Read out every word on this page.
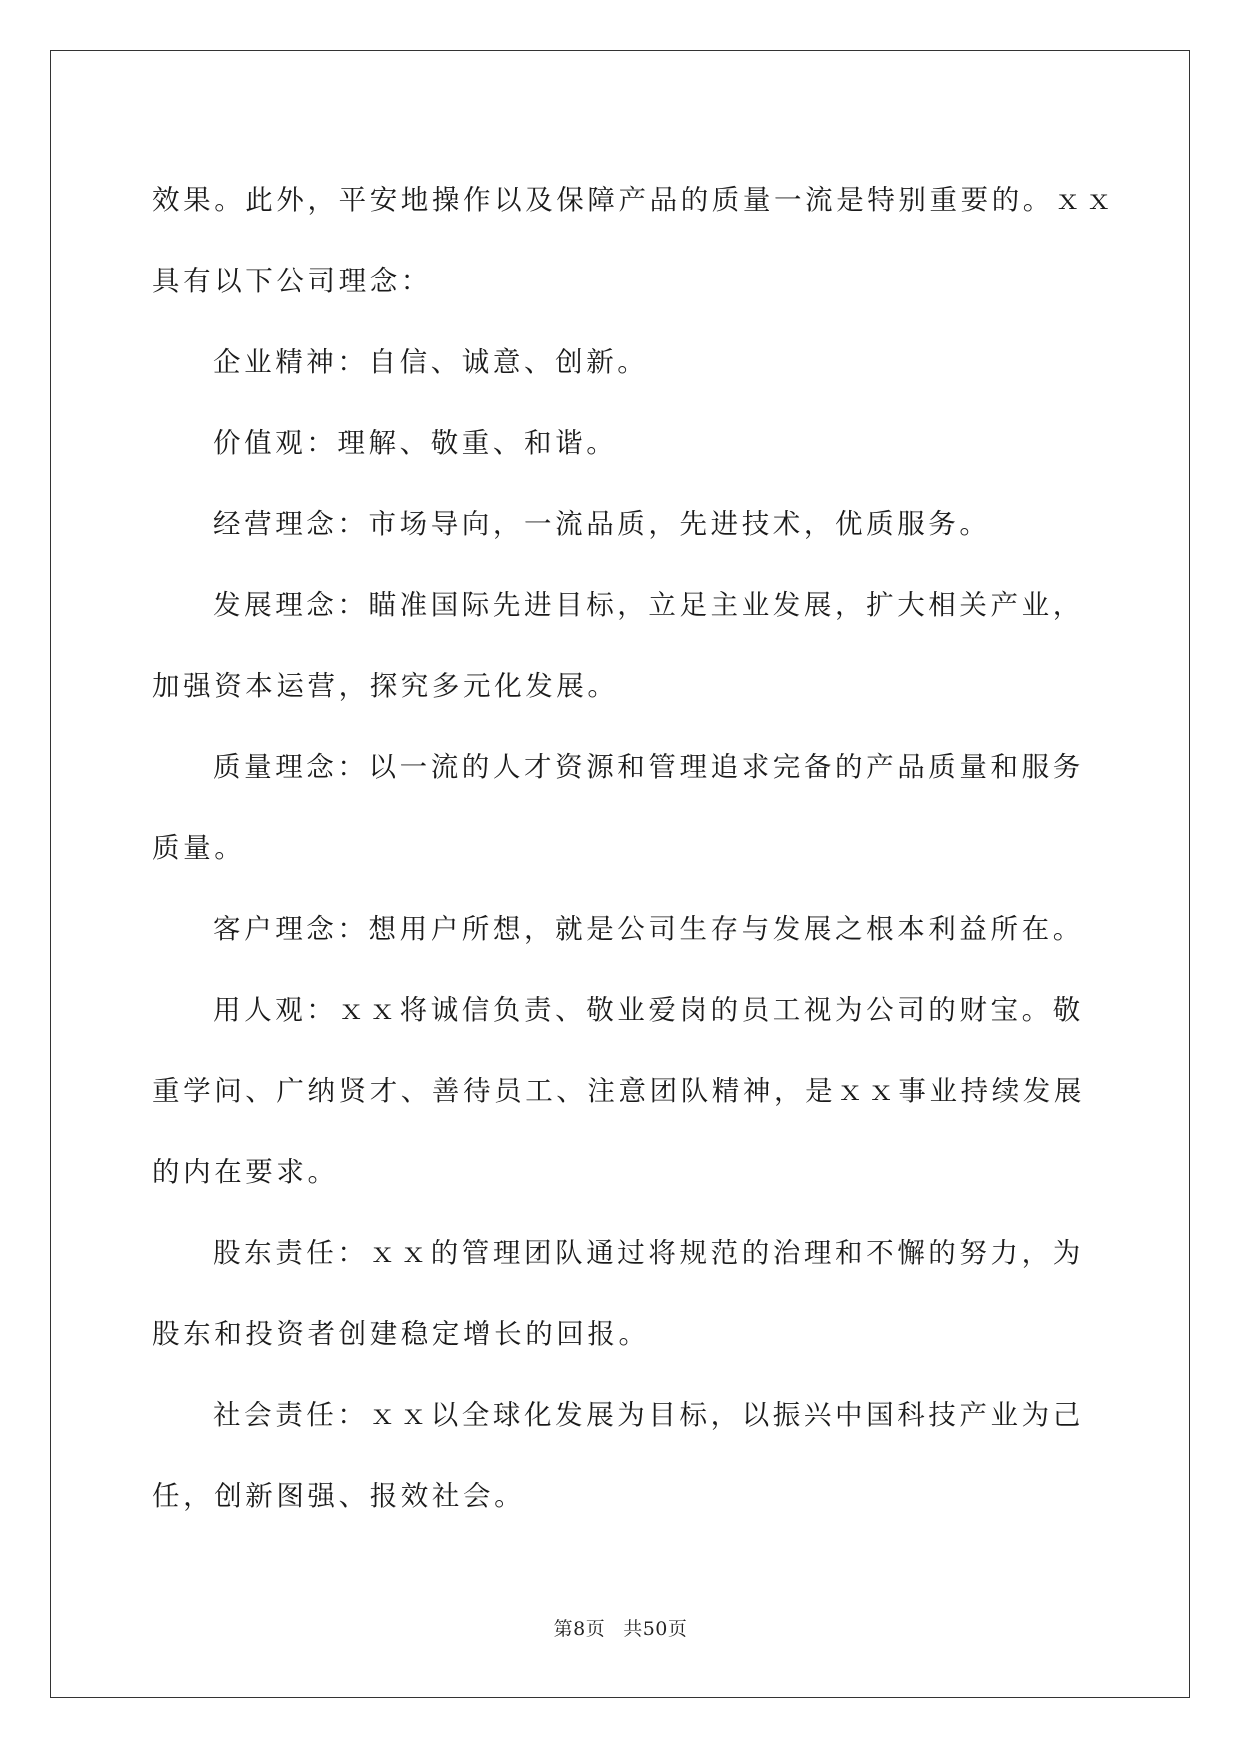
效果。此外，平安地操作以及保障产品的质量一流是特别重要的。ｘｘ
具有以下公司理念：
企业精神：自信、诚意、创新。
价值观：理解、敬重、和谐。
经营理念：市场导向，一流品质，先进技术，优质服务。
发展理念：瞄准国际先进目标，立足主业发展，扩大相关产业，
加强资本运营，探究多元化发展。
质量理念：以一流的人才资源和管理追求完备的产品质量和服务
质量。
客户理念：想用户所想，就是公司生存与发展之根本利益所在。
用人观：ｘｘ将诚信负责、敬业爱岗的员工视为公司的财宝。敬
重学问、广纳贤才、善待员工、注意团队精神，是ｘｘ事业持续发展
的内在要求。
股东责任：ｘｘ的管理团队通过将规范的治理和不懈的努力，为
股东和投资者创建稳定增长的回报。
社会责任：ｘｘ以全球化发展为目标，以振兴中国科技产业为己
任，创新图强、报效社会。
第8页 共50页
